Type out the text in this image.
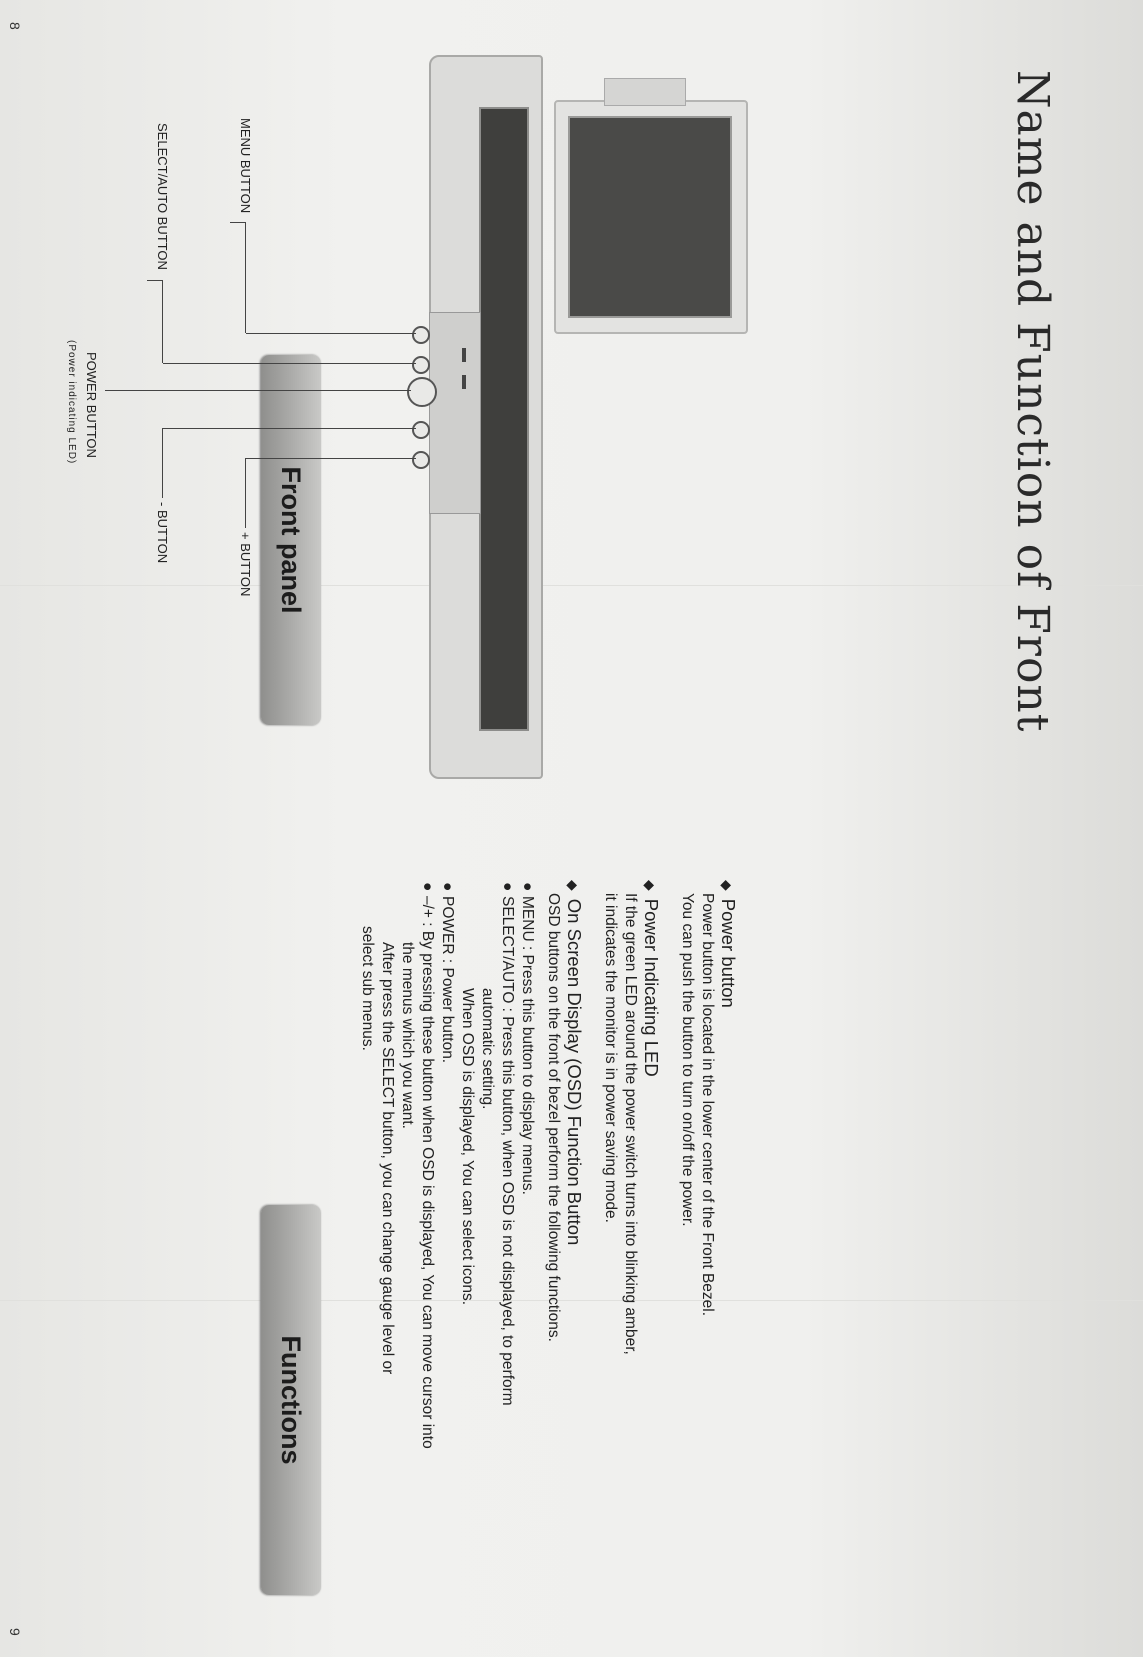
Name and Function of Front
Front panel
Functions
MENU BUTTON
SELECT/AUTO BUTTON
POWER BUTTON
(Power indicating LED)
- BUTTON	+ BUTTON
◆Power button
Power button is located in the lower center of the Front Bezel.
You can push the button to turn on/off the power.
◆Power Indicating LED
If the green LED around the power switch turns into blinking amber,
it indicates the monitor is in power saving mode.
◆On Screen Display (OSD) Function Button
OSD buttons on the front of bezel perform the following functions.
●
MENU : Press this button to display menus.
●
SELECT/AUTO : Press this button, when OSD is not displayed, to perform
automatic setting.
When OSD is displayed, You can select icons.
●
POWER : Power button.
●
–/+ : By pressing these button when OSD is displayed, You can move cursor into
the menus which you want.
After press the SELECT button, you can change gauge level or
select sub menus.
8
9
